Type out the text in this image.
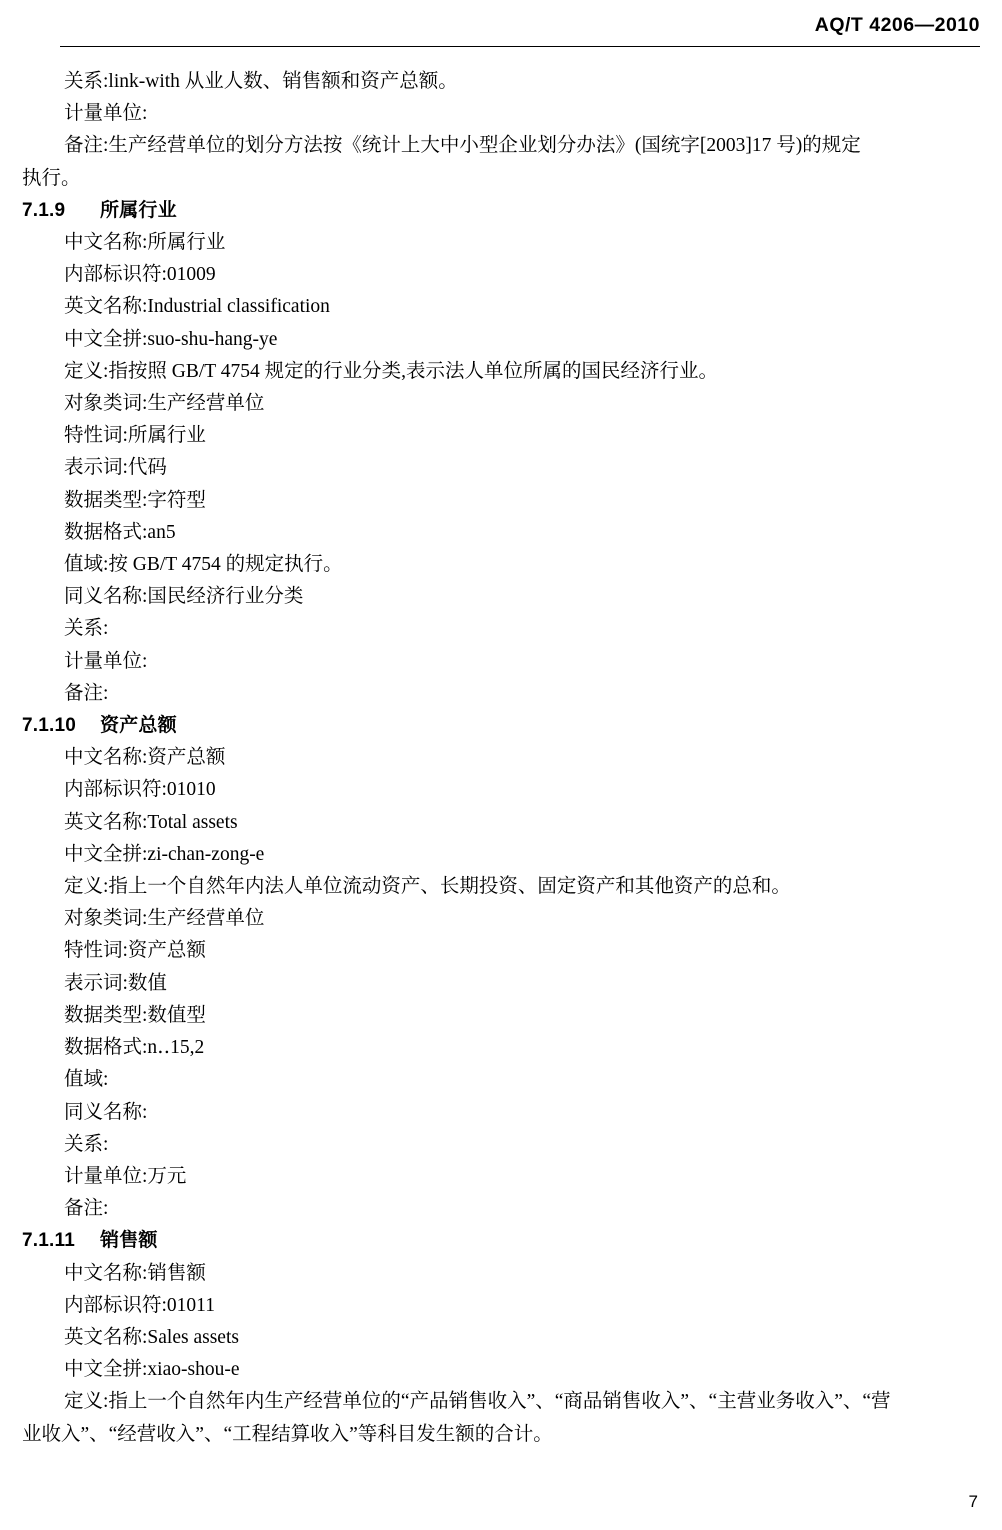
AQ/T 4206—2010
关系:link-with 从业人数、销售额和资产总额。
计量单位:
备注:生产经营单位的划分方法按《统计上大中小型企业划分办法》(国统字[2003]17 号)的规定
执行。
7.1.9 所属行业
中文名称:所属行业
内部标识符:01009
英文名称:Industrial classification
中文全拼:suo-shu-hang-ye
定义:指按照 GB/T 4754 规定的行业分类,表示法人单位所属的国民经济行业。
对象类词:生产经营单位
特性词:所属行业
表示词:代码
数据类型:字符型
数据格式:an5
值域:按 GB/T 4754 的规定执行。
同义名称:国民经济行业分类
关系:
计量单位:
备注:
7.1.10 资产总额
中文名称:资产总额
内部标识符:01010
英文名称:Total assets
中文全拼:zi-chan-zong-e
定义:指上一个自然年内法人单位流动资产、长期投资、固定资产和其他资产的总和。
对象类词:生产经营单位
特性词:资产总额
表示词:数值
数据类型:数值型
数据格式:n‥15,2
值域:
同义名称:
关系:
计量单位:万元
备注:
7.1.11 销售额
中文名称:销售额
内部标识符:01011
英文名称:Sales assets
中文全拼:xiao-shou-e
定义:指上一个自然年内生产经营单位的“产品销售收入”、“商品销售收入”、“主营业务收入”、“营
业收入”、“经营收入”、“工程结算收入”等科目发生额的合计。
7
